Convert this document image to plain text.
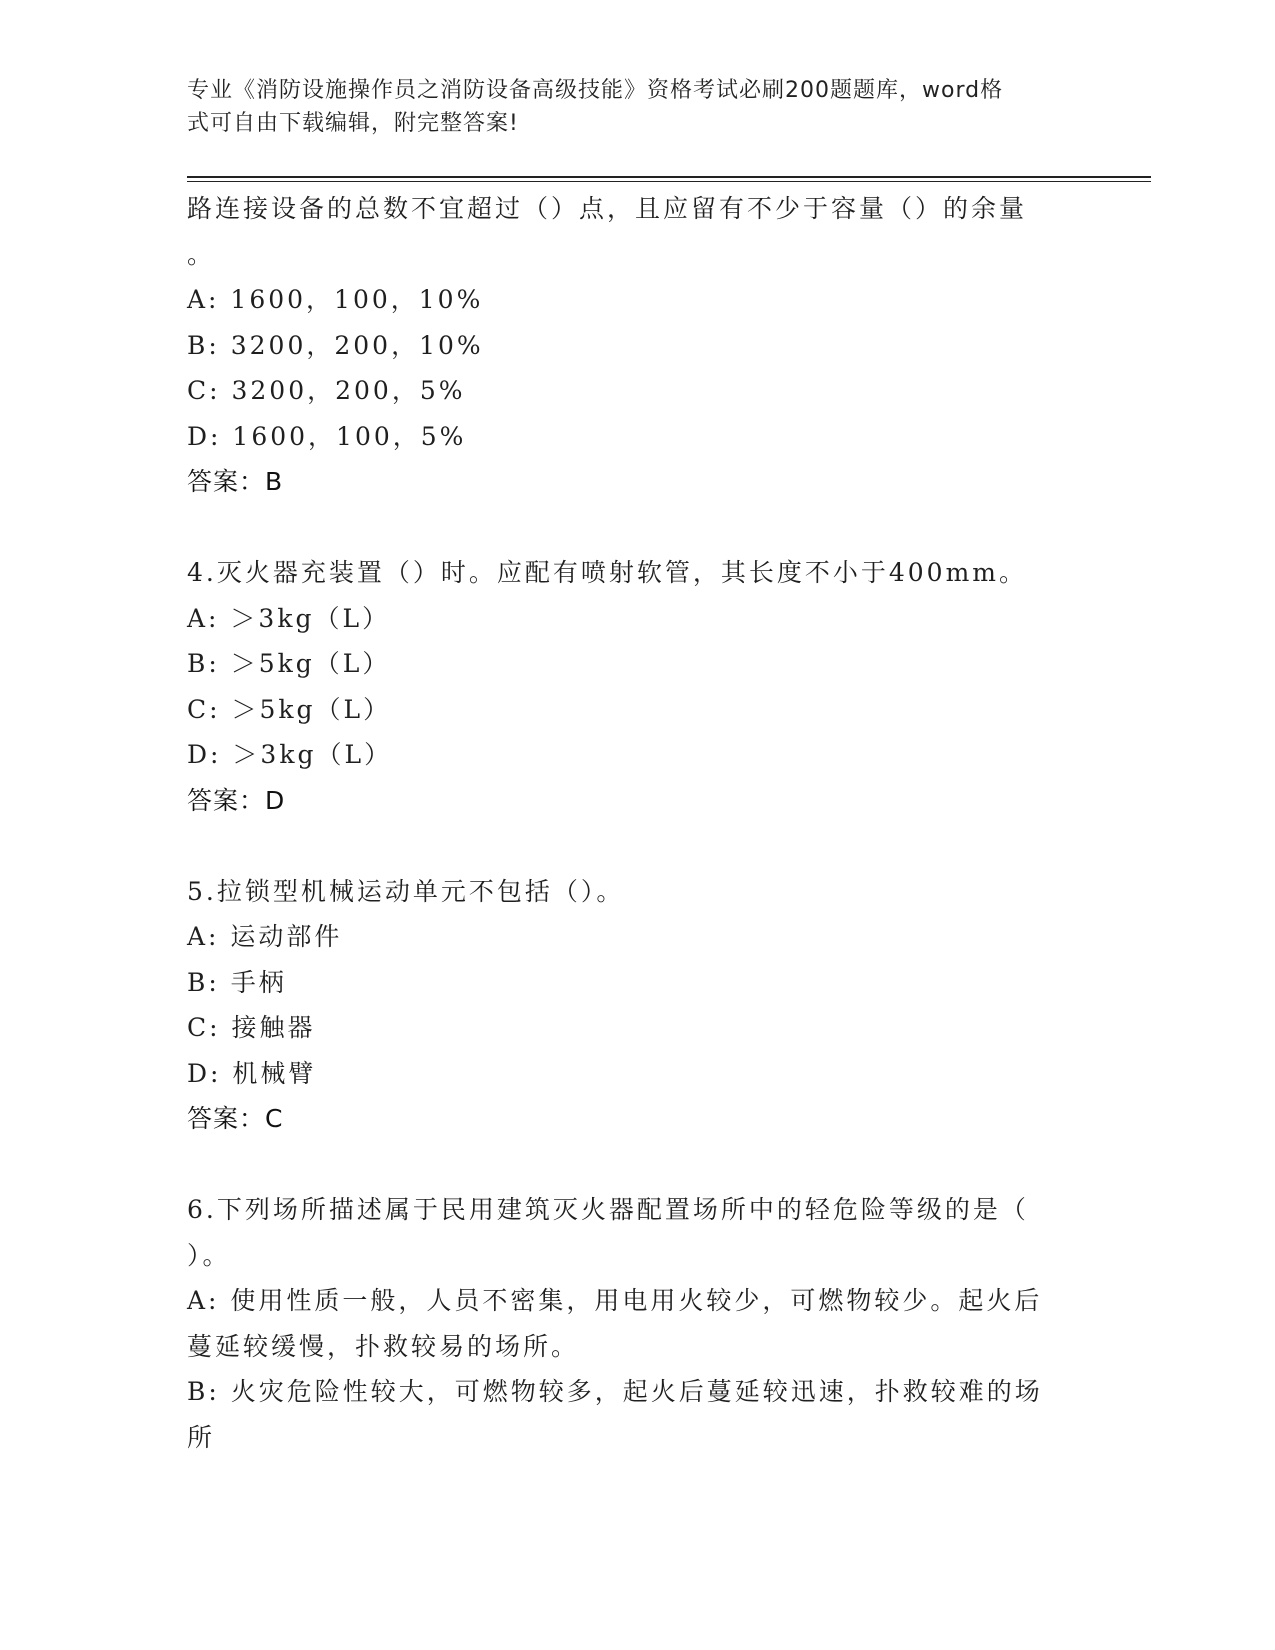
专业《消防设施操作员之消防设备高级技能》资格考试必刷200题题库，word格
式可自由下载编辑，附完整答案!
路连接设备的总数不宜超过（）点，且应留有不少于容量（）的余量
。
A: 1600，100，10%
B: 3200，200，10%
C: 3200，200，5%
D: 1600，100，5%
答案：B
4.灭火器充装置（）时。应配有喷射软管，其长度不小于400mm。
A: ＞3kg（L）
B: ＞5kg（L）
C: ＞5kg（L）
D: ＞3kg（L）
答案：D
5.拉锁型机械运动单元不包括（）。
A: 运动部件
B: 手柄
C: 接触器
D: 机械臂
答案：C
6.下列场所描述属于民用建筑灭火器配置场所中的轻危险等级的是（
）。
A: 使用性质一般，人员不密集，用电用火较少，可燃物较少。起火后
蔓延较缓慢，扑救较易的场所。
B: 火灾危险性较大，可燃物较多，起火后蔓延较迅速，扑救较难的场
所
